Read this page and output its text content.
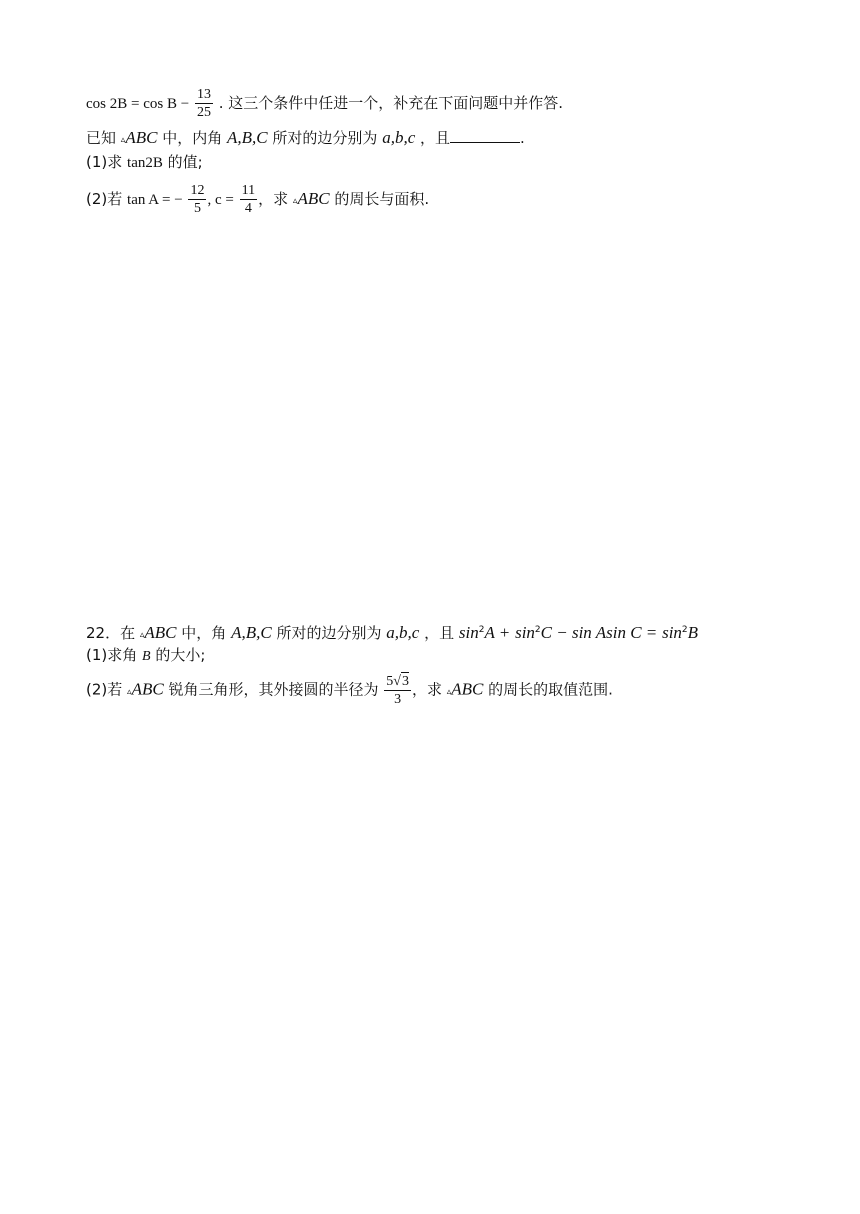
$\cos 2B = \cos B - \frac{13}{25}$ . 这三个条件中任进一个，补充在下面问题中并作答.
已知 ▵ABC 中，内角 A,B,C 所对的边分别为 a,b,c ，且	.
(1)求 tan2B 的值;
(2)若 tan A = − $\frac{12}{5}$ , $c = \frac{11}{4}$ ，求 ▵ABC 的周长与面积.
22．在 ▵ABC 中，角 A,B,C 所对的边分别为 a,b,c ，且 $\sin^2A + \sin^2C - \sin Asin$ $C = \sin^2B$
(1)求角 B 的大小;
(2)若 ▵ABC 锐角三角形，其外接圆的半径为 $\frac{5√3}{3}$ ，求 ▵ABC 的周长的取值范围.
